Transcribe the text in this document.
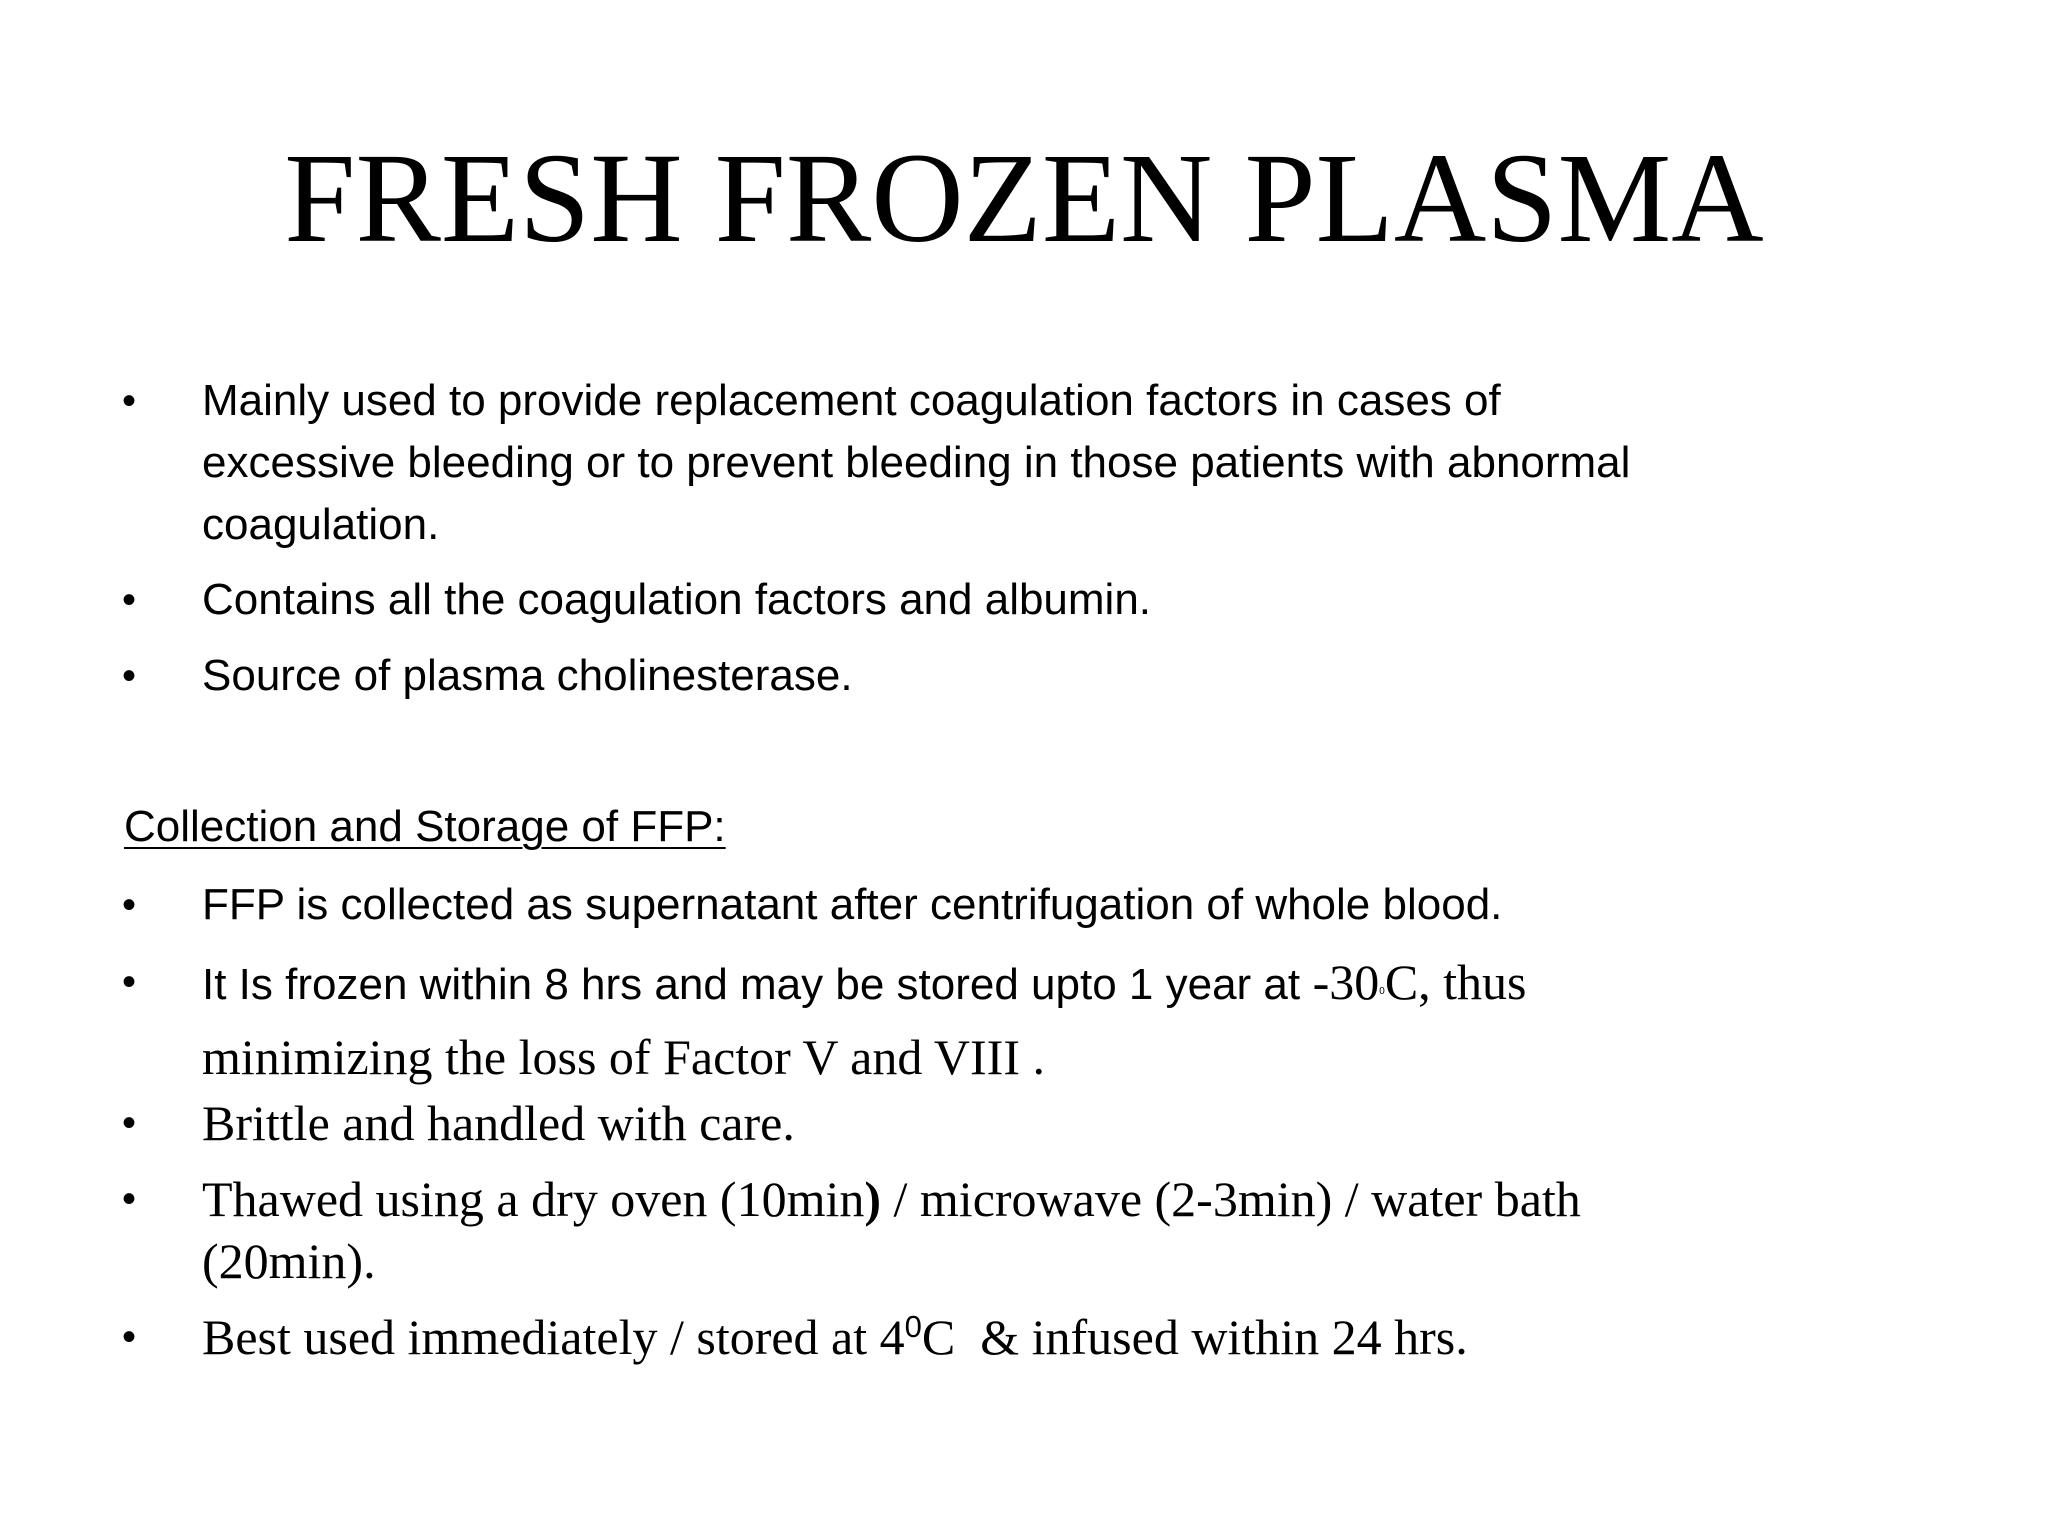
FRESH FROZEN PLASMA
• Mainly used to provide replacement coagulation factors in cases of
excessive bleeding or to prevent bleeding in those patients with abnormal
coagulation.
• Contains all the coagulation factors and albumin.
• Source of plasma cholinesterase.
Collection and Storage of FFP:
• FFP is collected as supernatant after centrifugation of whole blood.
• It Is frozen within 8 hrs and may be stored upto 1 year at $-30^0C$, thus
minimizing the loss of Factor V and VIII .
• Brittle and handled with care.
• Thawed using a dry oven (10min) / microwave (2-3min) / water bath
(20min).
• Best used immediately / stored at $4^0C$  & infused within 24 hrs.
